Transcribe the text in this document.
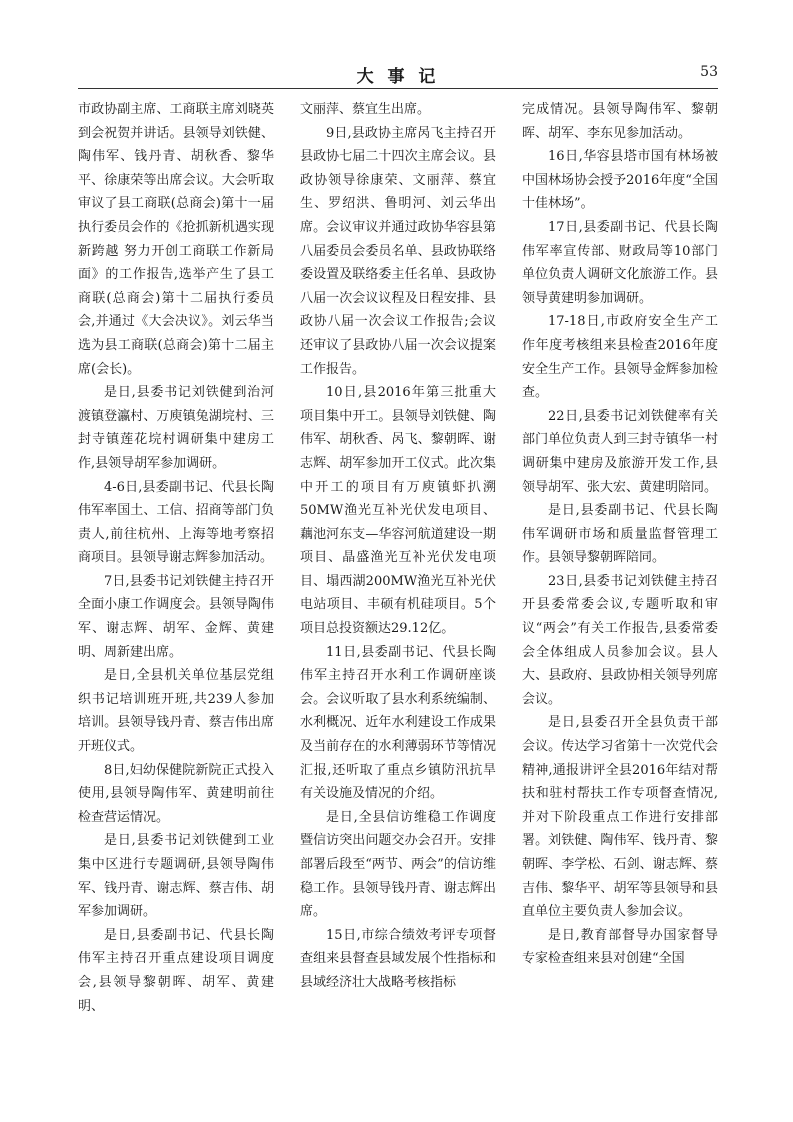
大 事 记	53

市政协副主席、工商联主席刘晓英到会祝贺并讲话。县领导刘铁健、陶伟军、钱丹青、胡秋香、黎华平、徐康荣等出席会议。大会听取审议了县工商联(总商会)第十一届执行委员会作的《抢抓新机遇实现新跨越 努力开创工商联工作新局面》的工作报告,选举产生了县工商联(总商会)第十二届执行委员会,并通过《大会决议》。刘云华当选为县工商联(总商会)第十二届主席(会长)。

是日,县委书记刘铁健到治河渡镇登瀛村、万庾镇兔湖垸村、三封寺镇莲花垸村调研集中建房工作,县领导胡军参加调研。

4-6日,县委副书记、代县长陶伟军率国土、工信、招商等部门负责人,前往杭州、上海等地考察招商项目。县领导谢志辉参加活动。

7日,县委书记刘铁健主持召开全面小康工作调度会。县领导陶伟军、谢志辉、胡军、金辉、黄建明、周新建出席。

是日,全县机关单位基层党组织书记培训班开班,共239人参加培训。县领导钱丹青、蔡吉伟出席开班仪式。

8日,妇幼保健院新院正式投入使用,县领导陶伟军、黄建明前往检查营运情况。

是日,县委书记刘铁健到工业集中区进行专题调研,县领导陶伟军、钱丹青、谢志辉、蔡吉伟、胡军参加调研。

是日,县委副书记、代县长陶伟军主持召开重点建设项目调度会,县领导黎朝晖、胡军、黄建明、

文丽萍、蔡宜生出席。

9日,县政协主席呙飞主持召开县政协七届二十四次主席会议。县政协领导徐康荣、文丽萍、蔡宜生、罗绍洪、鲁明河、刘云华出席。会议审议并通过政协华容县第八届委员会委员名单、县政协联络委设置及联络委主任名单、县政协八届一次会议议程及日程安排、县政协八届一次会议工作报告;会议还审议了县政协八届一次会议提案工作报告。

10日,县2016年第三批重大项目集中开工。县领导刘铁健、陶伟军、胡秋香、呙飞、黎朝晖、谢志辉、胡军参加开工仪式。此次集中开工的项目有万庾镇虾扒溯50MW渔光互补光伏发电项目、藕池河东支—华容河航道建设一期项目、晶盛渔光互补光伏发电项目、塌西湖200MW渔光互补光伏电站项目、丰硕有机硅项目。5个项目总投资额达29.12亿。

11日,县委副书记、代县长陶伟军主持召开水利工作调研座谈会。会议听取了县水利系统编制、水利概况、近年水利建设工作成果及当前存在的水利薄弱环节等情况汇报,还听取了重点乡镇防汛抗旱有关设施及情况的介绍。

是日,全县信访维稳工作调度暨信访突出问题交办会召开。安排部署后段至“两节、两会”的信访维稳工作。县领导钱丹青、谢志辉出席。

15日,市综合绩效考评专项督查组来县督查县域发展个性指标和县域经济壮大战略考核指标

完成情况。县领导陶伟军、黎朝晖、胡军、李东见参加活动。

16日,华容县塔市国有林场被中国林场协会授予2016年度“全国十佳林场”。

17日,县委副书记、代县长陶伟军率宣传部、财政局等10部门单位负责人调研文化旅游工作。县领导黄建明参加调研。

17-18日,市政府安全生产工作年度考核组来县检查2016年度安全生产工作。县领导金辉参加检查。

22日,县委书记刘铁健率有关部门单位负责人到三封寺镇华一村调研集中建房及旅游开发工作,县领导胡军、张大宏、黄建明陪同。

是日,县委副书记、代县长陶伟军调研市场和质量监督管理工作。县领导黎朝晖陪同。

23日,县委书记刘铁健主持召开县委常委会议,专题听取和审议“两会”有关工作报告,县委常委会全体组成人员参加会议。县人大、县政府、县政协相关领导列席会议。

是日,县委召开全县负责干部会议。传达学习省第十一次党代会精神,通报讲评全县2016年结对帮扶和驻村帮扶工作专项督查情况,并对下阶段重点工作进行安排部署。刘铁健、陶伟军、钱丹青、黎朝晖、李学松、石剑、谢志辉、蔡吉伟、黎华平、胡军等县领导和县直单位主要负责人参加会议。

是日,教育部督导办国家督导专家检查组来县对创建“全国
